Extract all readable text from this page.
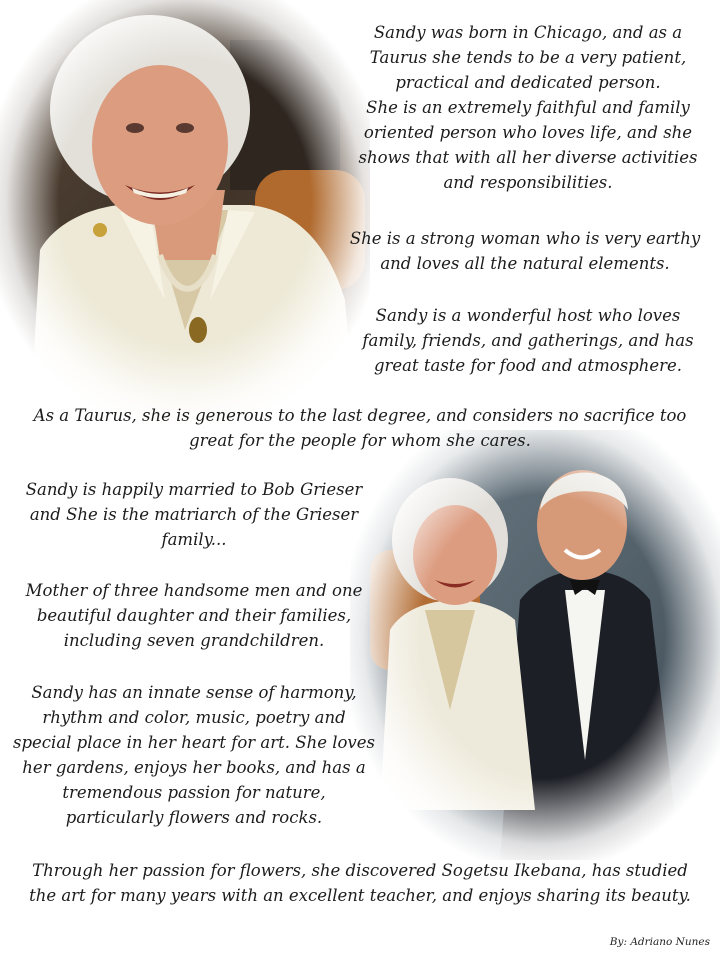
Sandy was born in Chicago, and as a
Taurus she tends to be a very patient,
practical and dedicated person.
She is an extremely faithful and family
oriented person who loves life, and she
shows that with all her diverse activities
and responsibilities.

She is a strong woman who is very earthy
and loves all the natural elements.

Sandy is a wonderful host who loves
family, friends, and gatherings, and has
great taste for food and atmosphere.

As a Taurus, she is generous to the last degree, and considers no sacrifice too
great for the people for whom she cares.

Sandy is happily married to Bob Grieser
and She is the matriarch of the Grieser
family...

Mother of three handsome men and one
beautiful daughter and their families,
including seven grandchildren.

Sandy has an innate sense of harmony,
rhythm and color, music, poetry and
special place in her heart for art. She loves
her gardens, enjoys her books, and has a
tremendous passion for nature,
particularly flowers and rocks.

Through her passion for flowers, she discovered Sogetsu Ikebana, has studied
the art for many years with an excellent teacher, and enjoys sharing its beauty.

By: Adriano Nunes
